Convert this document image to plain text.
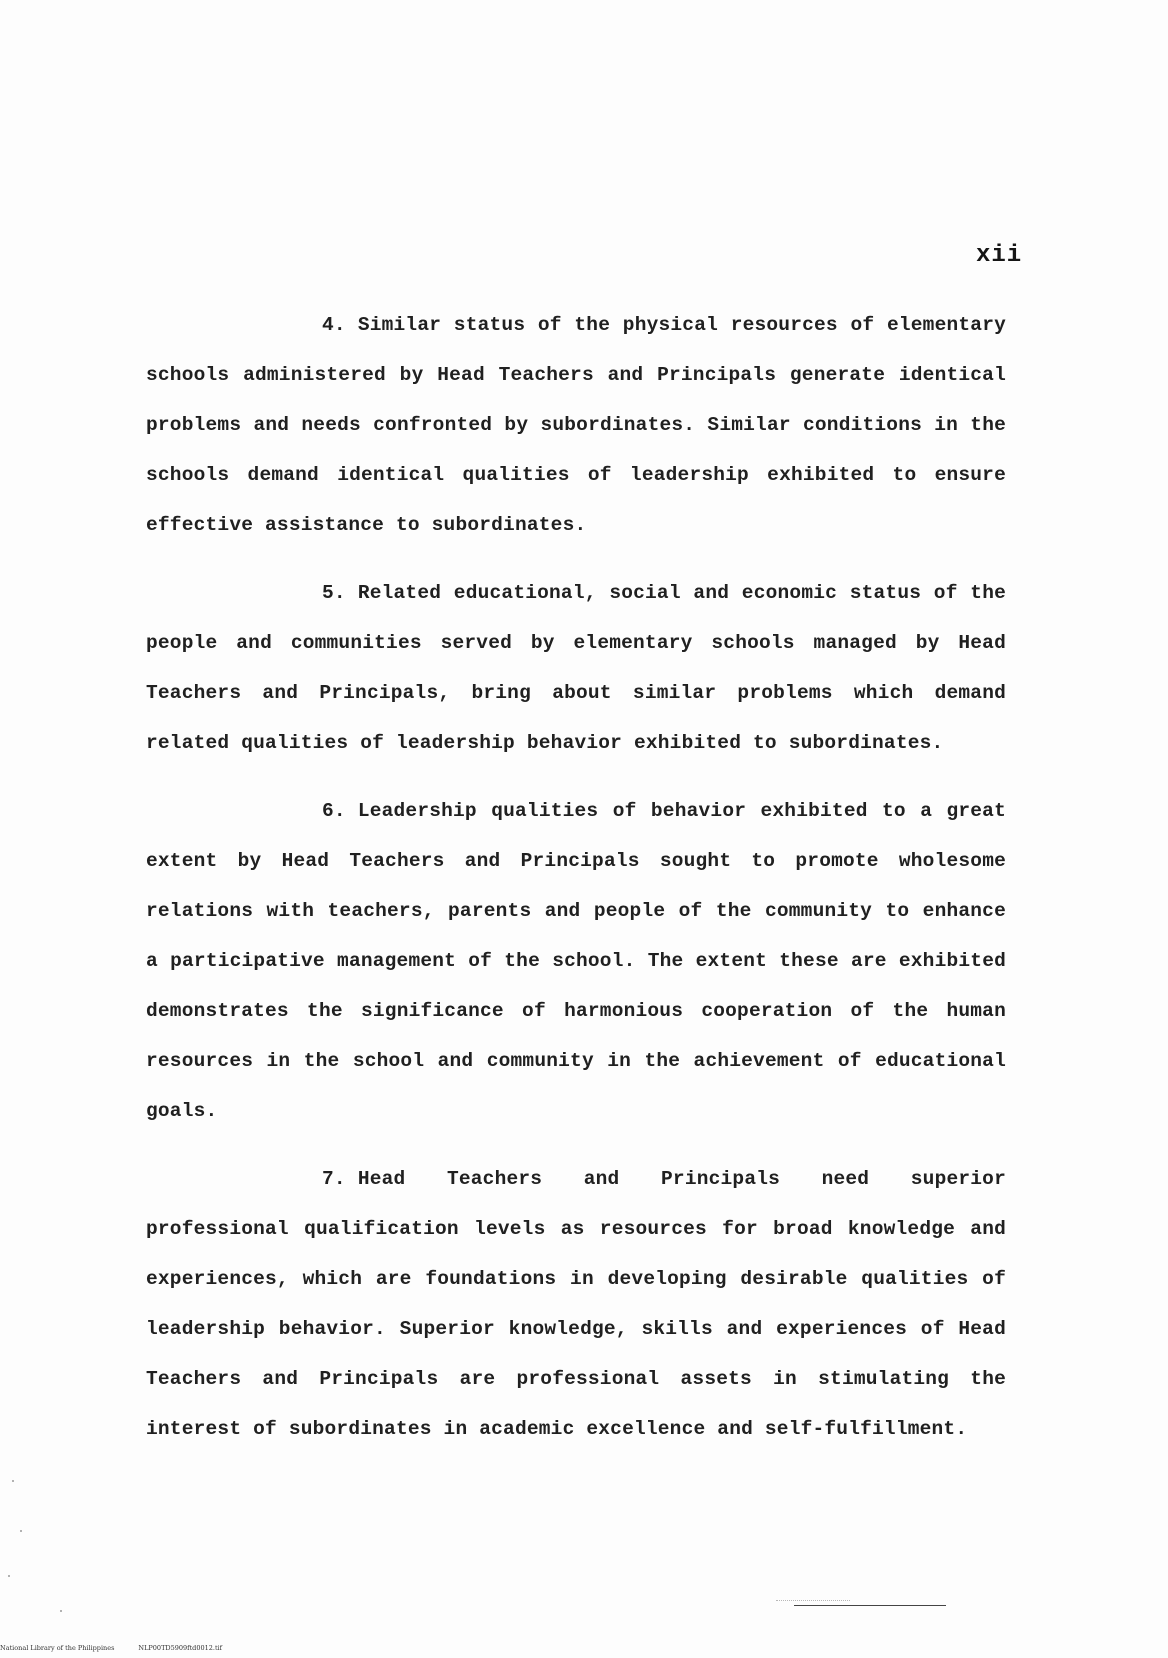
xii

4. Similar status of the physical resources of elementary schools administered by Head Teachers and Principals generate identical problems and needs confronted by subordinates. Similar conditions in the schools demand identical qualities of leadership exhibited to ensure effective assistance to subordinates.

5. Related educational, social and economic status of the people and communities served by elementary schools managed by Head Teachers and Principals, bring about similar problems which demand related qualities of leadership behavior exhibited to subordinates.

6. Leadership qualities of behavior exhibited to a great extent by Head Teachers and Principals sought to promote wholesome relations with teachers, parents and people of the community to enhance a participative management of the school. The extent these are exhibited demonstrates the significance of harmonious cooperation of the human resources in the school and community in the achievement of educational goals.

7. Head Teachers and Principals need superior professional qualification levels as resources for broad knowledge and experiences, which are foundations in developing desirable qualities of leadership behavior. Superior knowledge, skills and experiences of Head Teachers and Principals are professional assets in stimulating the interest of subordinates in academic excellence and self-fulfillment.

National Library of the Philippines	NLP00TD5909ftd0012.tif
